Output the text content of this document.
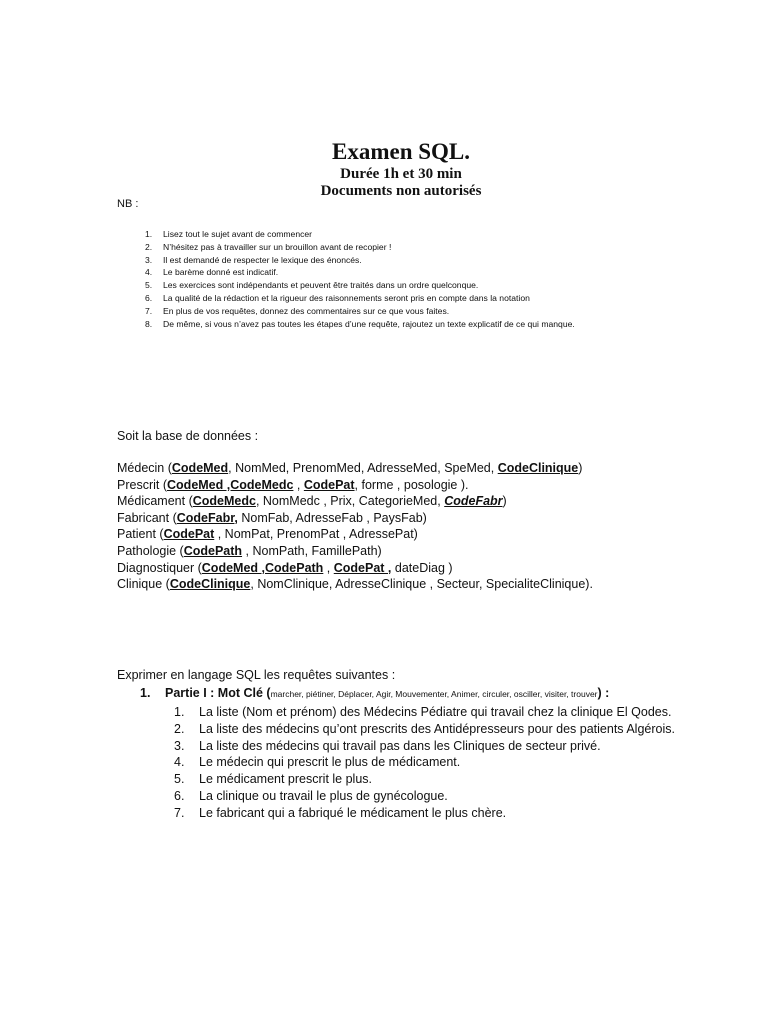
Examen SQL.
Durée 1h et 30 min
Documents non autorisés
NB :
1.	Lisez tout le sujet avant de commencer
2.	N’hésitez pas à travailler sur un brouillon avant de recopier !
3.	Il est demandé de respecter le lexique des énoncés.
4.	Le barème donné est indicatif.
5.	Les exercices sont indépendants et peuvent être traités dans un ordre quelconque.
6.	La qualité de la rédaction et la rigueur des raisonnements seront pris en compte dans la notation
7.	En plus de vos requêtes, donnez des commentaires sur ce que vous faites.
8.	De même, si vous n’avez pas toutes les étapes d’une requête, rajoutez un texte explicatif de ce qui manque.
Soit la base de données :
Médecin (CodeMed, NomMed, PrenomMed, AdresseMed, SpeMed, CodeClinique)
Prescrit (CodeMed ,CodeMedc , CodePat, forme , posologie ).
Médicament (CodeMedc, NomMedc , Prix, CategorieMed, CodeFabr)
Fabricant (CodeFabr, NomFab, AdresseFab , PaysFab)
Patient (CodePat , NomPat, PrenomPat , AdressePat)
Pathologie (CodePath , NomPath, FamillePath)
Diagnostiquer (CodeMed ,CodePath , CodePat , dateDiag )
Clinique (CodeClinique, NomClinique, AdresseClinique , Secteur, SpecialiteClinique).
Exprimer en langage SQL les requêtes suivantes :
1. Partie I : Mot Clé (marcher, piétiner, Déplacer, Agir, Mouvementer, Animer, circuler, osciller, visiter, trouver) :
1.	La liste (Nom et prénom) des Médecins Pédiatre qui travail chez la clinique El Qodes.
2.	La liste des médecins qu’ont prescrits des Antidépresseurs pour des patients Algérois.
3.	La liste des médecins qui travail pas dans les Cliniques de secteur privé.
4.	Le médecin qui prescrit le plus de médicament.
5.	Le médicament prescrit le plus.
6.	La clinique ou travail le plus de gynécologue.
7.	Le fabricant qui a fabriqué le médicament le plus chère.
